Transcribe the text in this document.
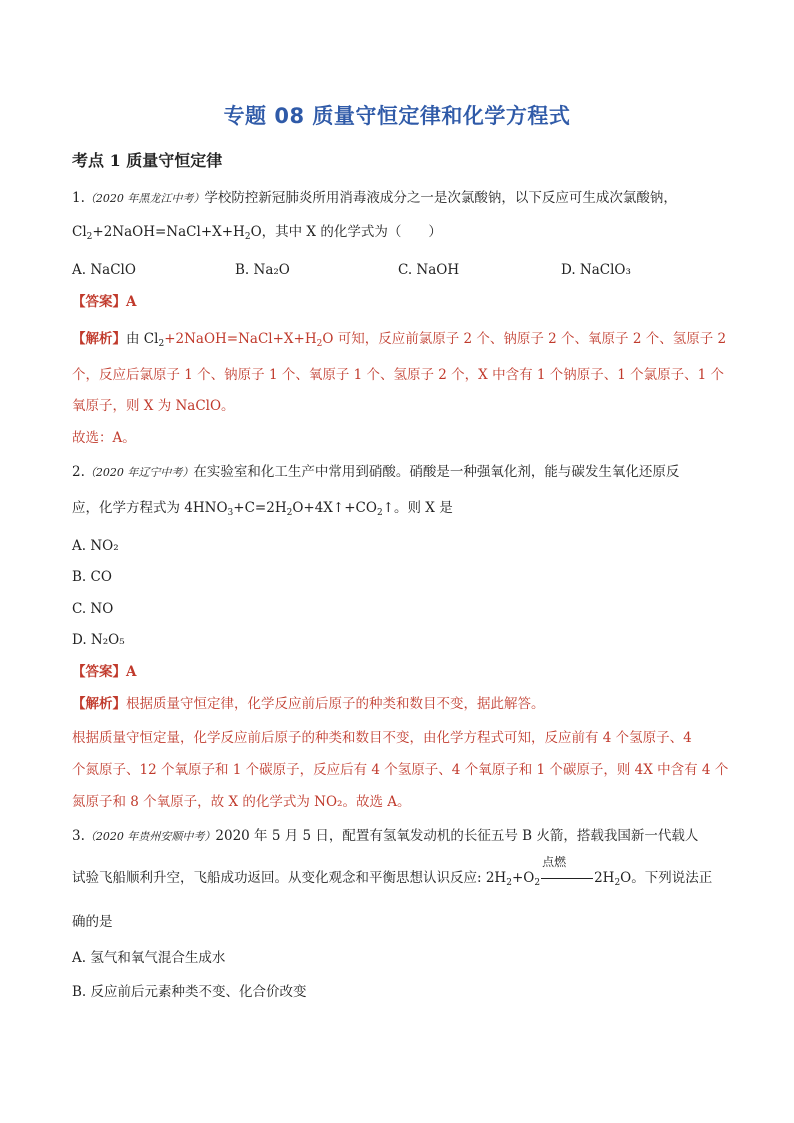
专题 08 质量守恒定律和化学方程式
考点 1 质量守恒定律
1.（2020 年黑龙江中考）学校防控新冠肺炎所用消毒液成分之一是次氯酸钠，以下反应可生成次氯酸钠，
$Cl_2+2NaOH=NaCl+X+H_2O$，其中 X 的化学式为（　　）
A. NaClO	B. Na₂O	C. NaOH	D. NaClO₃
【答案】A
【解析】由 $Cl_2+2NaOH=NaCl+X+H_2O$ 可知，反应前氯原子 2 个、钠原子 2 个、氧原子 2 个、氢原子 2
个，反应后氯原子 1 个、钠原子 1 个、氧原子 1 个、氢原子 2 个，X 中含有 1 个钠原子、1 个氯原子、1 个
氧原子，则 X 为 NaClO。
故选：A。
2.（2020 年辽宁中考）在实验室和化工生产中常用到硝酸。硝酸是一种强氧化剂，能与碳发生氧化还原反
应，化学方程式为 $4HNO_3+C=2H_2O+4X↑+CO_2↑$。则 X 是
A. NO₂
B. CO
C. NO
D. N₂O₅
【答案】A
【解析】根据质量守恒定律，化学反应前后原子的种类和数目不变，据此解答。
根据质量守恒定量，化学反应前后原子的种类和数目不变，由化学方程式可知，反应前有 4 个氢原子、4
个氮原子、12 个氧原子和 1 个碳原子，反应后有 4 个氢原子、4 个氧原子和 1 个碳原子，则 4X 中含有 4 个
氮原子和 8 个氧原子，故 X 的化学式为 NO₂。故选 A。
3.（2020 年贵州安顺中考）2020 年 5 月 5 日，配置有氢氧发动机的长征五号 B 火箭，搭载我国新一代载人
试验飞船顺利升空，飞船成功返回。从变化观念和平衡思想认识反应: $2H_2+O_2$
点燃
$2H_2O$。下列说法正
确的是
A. 氢气和氧气混合生成水
B. 反应前后元素种类不变、化合价改变
